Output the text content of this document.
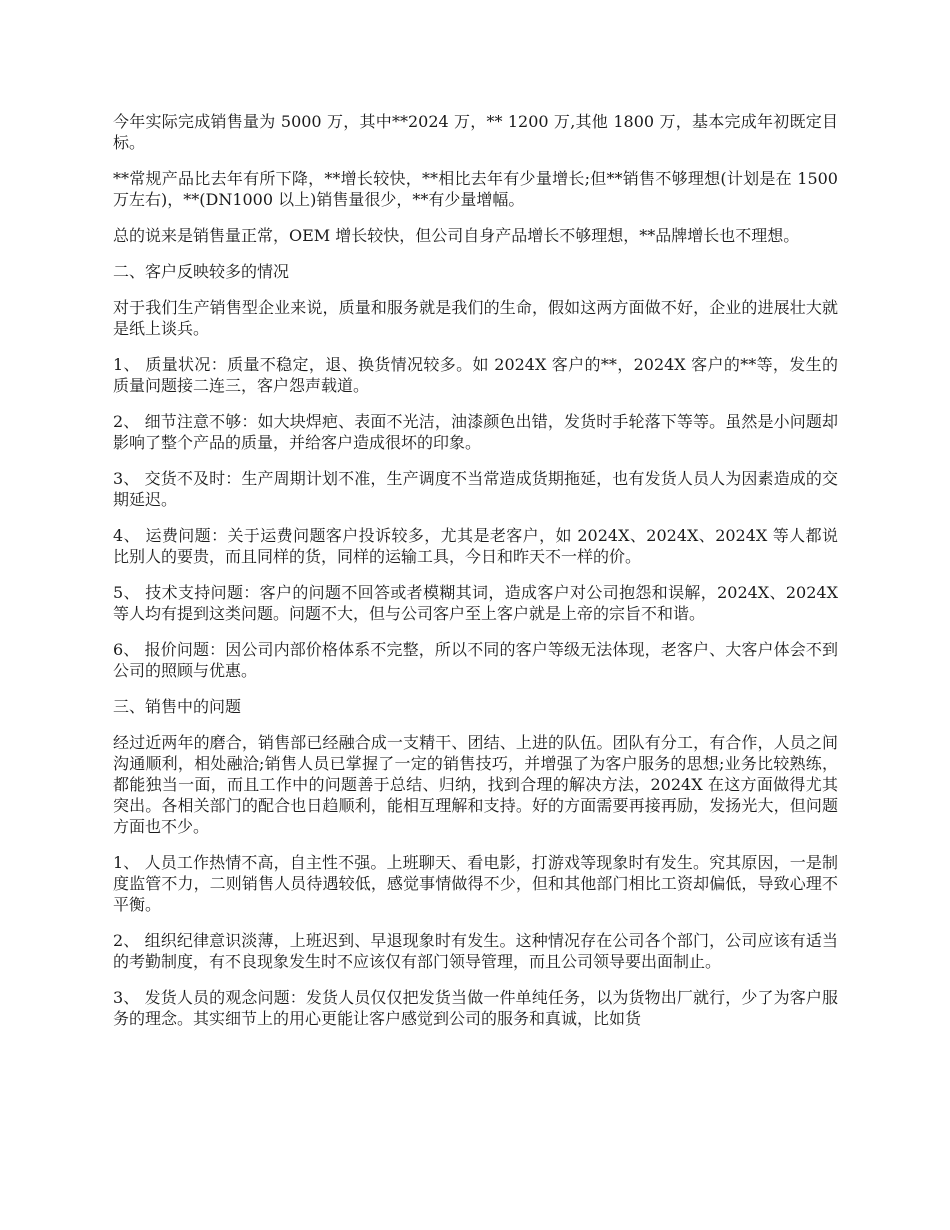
今年实际完成销售量为 5000 万，其中**2024 万，** 1200 万,其他 1800 万，基本完成年初既定目标。

**常规产品比去年有所下降，**增长较快，**相比去年有少量增长;但**销售不够理想(计划是在 1500 万左右)，**(DN1000 以上)销售量很少，**有少量增幅。

总的说来是销售量正常，OEM 增长较快，但公司自身产品增长不够理想，**品牌增长也不理想。

二、客户反映较多的情况

对于我们生产销售型企业来说，质量和服务就是我们的生命，假如这两方面做不好，企业的进展壮大就是纸上谈兵。

1、 质量状况：质量不稳定，退、换货情况较多。如 2024X 客户的**，2024X 客户的**等，发生的质量问题接二连三，客户怨声载道。

2、 细节注意不够：如大块焊疤、表面不光洁，油漆颜色出错，发货时手轮落下等等。虽然是小问题却影响了整个产品的质量，并给客户造成很坏的印象。

3、 交货不及时：生产周期计划不准，生产调度不当常造成货期拖延，也有发货人员人为因素造成的交期延迟。

4、 运费问题：关于运费问题客户投诉较多，尤其是老客户，如 2024X、2024X、2024X 等人都说比别人的要贵，而且同样的货，同样的运输工具，今日和昨天不一样的价。

5、 技术支持问题：客户的问题不回答或者模糊其词，造成客户对公司抱怨和误解，2024X、2024X 等人均有提到这类问题。问题不大，但与公司客户至上客户就是上帝的宗旨不和谐。

6、 报价问题：因公司内部价格体系不完整，所以不同的客户等级无法体现，老客户、大客户体会不到公司的照顾与优惠。

三、销售中的问题

经过近两年的磨合，销售部已经融合成一支精干、团结、上进的队伍。团队有分工，有合作，人员之间沟通顺利，相处融洽;销售人员已掌握了一定的销售技巧，并增强了为客户服务的思想;业务比较熟练，都能独当一面，而且工作中的问题善于总结、归纳，找到合理的解决方法，2024X 在这方面做得尤其突出。各相关部门的配合也日趋顺利，能相互理解和支持。好的方面需要再接再励，发扬光大，但问题方面也不少。

1、 人员工作热情不高，自主性不强。上班聊天、看电影，打游戏等现象时有发生。究其原因，一是制度监管不力，二则销售人员待遇较低，感觉事情做得不少，但和其他部门相比工资却偏低，导致心理不平衡。

2、 组织纪律意识淡薄，上班迟到、早退现象时有发生。这种情况存在公司各个部门，公司应该有适当的考勤制度，有不良现象发生时不应该仅有部门领导管理，而且公司领导要出面制止。

3、 发货人员的观念问题：发货人员仅仅把发货当做一件单纯任务，以为货物出厂就行，少了为客户服务的理念。其实细节上的用心更能让客户感觉到公司的服务和真诚，比如货
